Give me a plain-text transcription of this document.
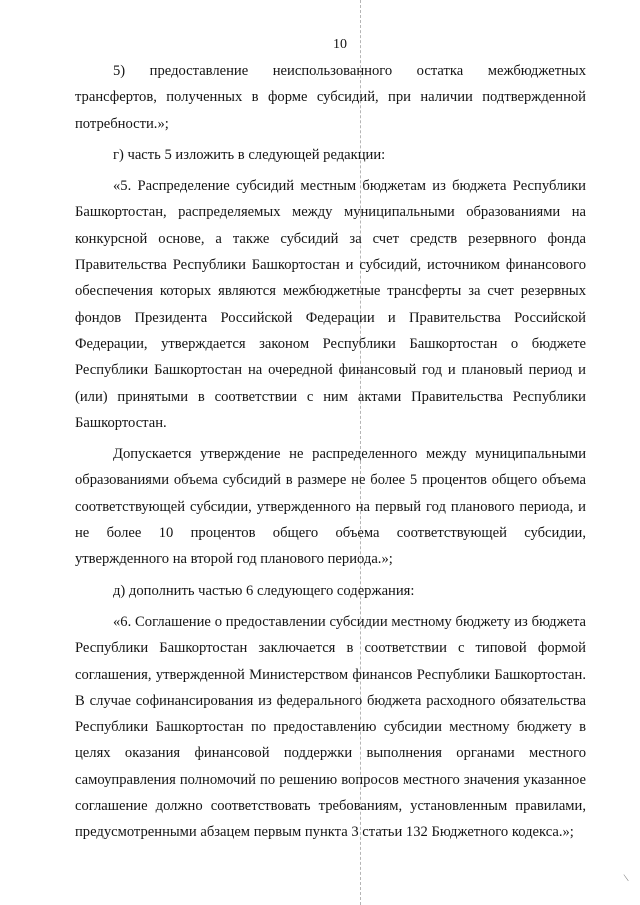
10

5) предоставление неиспользованного остатка межбюджетных трансфертов, полученных в форме субсидий, при наличии подтвержденной потребности.»;

г) часть 5 изложить в следующей редакции:

«5. Распределение субсидий местным бюджетам из бюджета Республики Башкортостан, распределяемых между муниципальными образованиями на конкурсной основе, а также субсидий за счет средств резервного фонда Правительства Республики Башкортостан и субсидий, источником финансового обеспечения которых являются межбюджетные трансферты за счет резервных фондов Президента Российской Федерации и Правительства Российской Федерации, утверждается законом Республики Башкортостан о бюджете Республики Башкортостан на очередной финансовый год и плановый период и (или) принятыми в соответствии с ним актами Правительства Республики Башкортостан.

Допускается утверждение не распределенного между муниципальными образованиями объема субсидий в размере не более 5 процентов общего объема соответствующей субсидии, утвержденного на первый год планового периода, и не более 10 процентов общего объема соответствующей субсидии, утвержденного на второй год планового периода.»;

д) дополнить частью 6 следующего содержания:

«6. Соглашение о предоставлении субсидии местному бюджету из бюджета Республики Башкортостан заключается в соответствии с типовой формой соглашения, утвержденной Министерством финансов Республики Башкортостан. В случае софинансирования из федерального бюджета расходного обязательства Республики Башкортостан по предоставлению субсидии местному бюджету в целях оказания финансовой поддержки выполнения органами местного самоуправления полномочий по решению вопросов местного значения указанное соглашение должно соответствовать требованиям, установленным правилами, предусмотренными абзацем первым пункта 3 статьи 132 Бюджетного кодекса.»;

/
